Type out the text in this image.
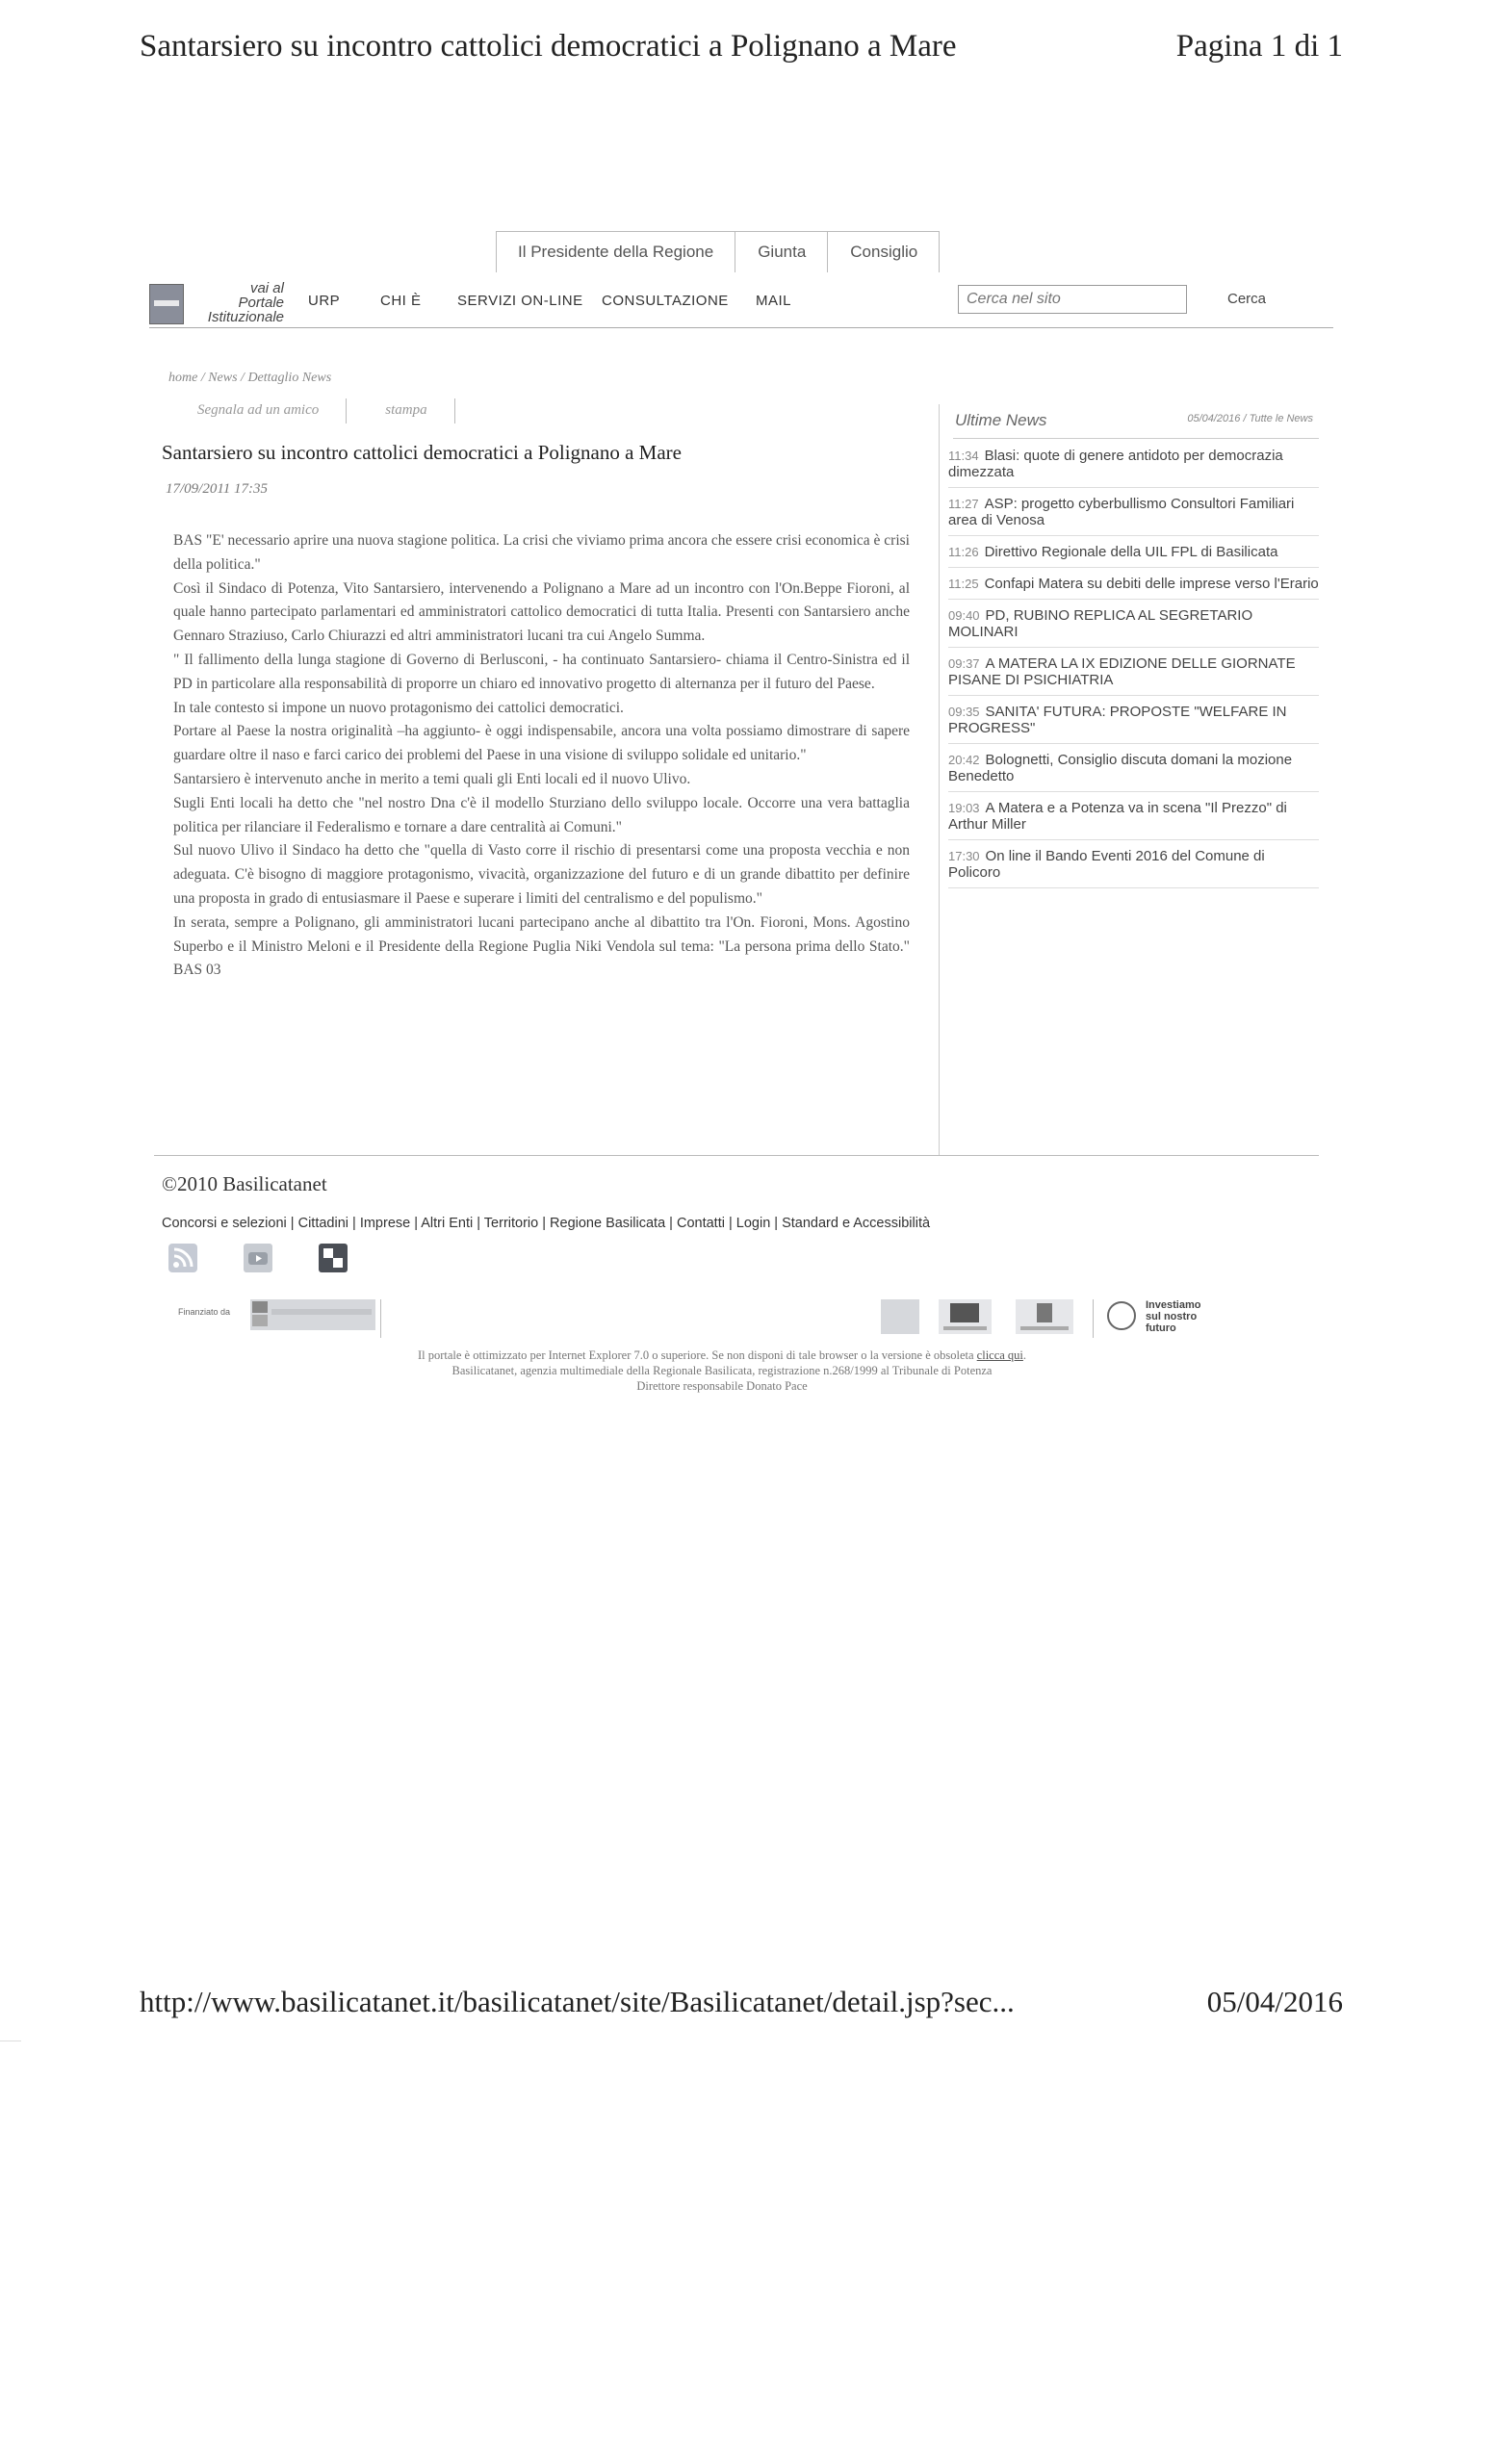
Santarsiero su incontro cattolici democratici a Polignano a Mare	Pagina 1 di 1
Il Presidente della Regione	Giunta	Consiglio
vai al
Portale
Istituzionale
URP	CHI È SERVIZI ON-LINE CONSULTAZIONE MAIL
Cerca nel sito	Cerca
home / News / Dettaglio News
Segnala ad un amico	stampa
Santarsiero su incontro cattolici democratici a Polignano a Mare
17/09/2011 17:35

BAS "E' necessario aprire una nuova stagione politica. La crisi che viviamo prima ancora che essere crisi economica è crisi della politica."

Così il Sindaco di Potenza, Vito Santarsiero, intervenendo a Polignano a Mare ad un incontro con l'On.Beppe Fioroni, al quale hanno partecipato parlamentari ed amministratori cattolico democratici di tutta Italia. Presenti con Santarsiero anche Gennaro Straziuso, Carlo Chiurazzi ed altri amministratori lucani tra cui Angelo Summa.

" Il fallimento della lunga stagione di Governo di Berlusconi, - ha continuato Santarsiero- chiama il Centro-Sinistra ed il PD in particolare alla responsabilità di proporre un chiaro ed innovativo progetto di alternanza per il futuro del Paese.

In tale contesto si impone un nuovo protagonismo dei cattolici democratici.

Portare al Paese la nostra originalità –ha aggiunto- è oggi indispensabile, ancora una volta possiamo dimostrare di sapere guardare oltre il naso e farci carico dei problemi del Paese in una visione di sviluppo solidale ed unitario."

Santarsiero è intervenuto anche in merito a temi quali gli Enti locali ed il nuovo Ulivo.

Sugli Enti locali ha detto che "nel nostro Dna c'è il modello Sturziano dello sviluppo locale. Occorre una vera battaglia politica per rilanciare il Federalismo e tornare a dare centralità ai Comuni."

Sul nuovo Ulivo il Sindaco ha detto che "quella di Vasto corre il rischio di presentarsi come una proposta vecchia e non adeguata. C'è bisogno di maggiore protagonismo, vivacità, organizzazione del futuro e di un grande dibattito per definire una proposta in grado di entusiasmare il Paese e superare i limiti del centralismo e del populismo."

In serata, sempre a Polignano, gli amministratori lucani partecipano anche al dibattito tra l'On. Fioroni, Mons. Agostino Superbo e il Ministro Meloni e il Presidente della Regione Puglia Niki Vendola sul tema: "La persona prima dello Stato." BAS 03

Ultime News	05/04/2016 / Tutte le News
11:34 Blasi: quote di genere antidoto per democrazia dimezzata
11:27 ASP: progetto cyberbullismo Consultori Familiari area di Venosa
11:26 Direttivo Regionale della UIL FPL di Basilicata
11:25 Confapi Matera su debiti delle imprese verso l'Erario
09:40 PD, RUBINO REPLICA AL SEGRETARIO MOLINARI
09:37 A MATERA LA IX EDIZIONE DELLE GIORNATE PISANE DI PSICHIATRIA
09:35 SANITA' FUTURA: PROPOSTE "WELFARE IN PROGRESS"
20:42 Bolognetti, Consiglio discuta domani la mozione Benedetto
19:03 A Matera e a Potenza va in scena "Il Prezzo" di Arthur Miller
17:30 On line il Bando Eventi 2016 del Comune di Policoro
©2010 Basilicatanet
Concorsi e selezioni | Cittadini | Imprese | Altri Enti | Territorio | Regione Basilicata | Contatti | Login | Standard e Accessibilità
Finanziato da
Investiamo
sul nostro
futuro
Il portale è ottimizzato per Internet Explorer 7.0 o superiore. Se non disponi di tale browser o la versione è obsoleta clicca qui.
Basilicatanet, agenzia multimediale della Regionale Basilicata, registrazione n.268/1999 al Tribunale di Potenza
Direttore responsabile Donato Pace
http://www.basilicatanet.it/basilicatanet/site/Basilicatanet/detail.jsp?sec...	05/04/2016
